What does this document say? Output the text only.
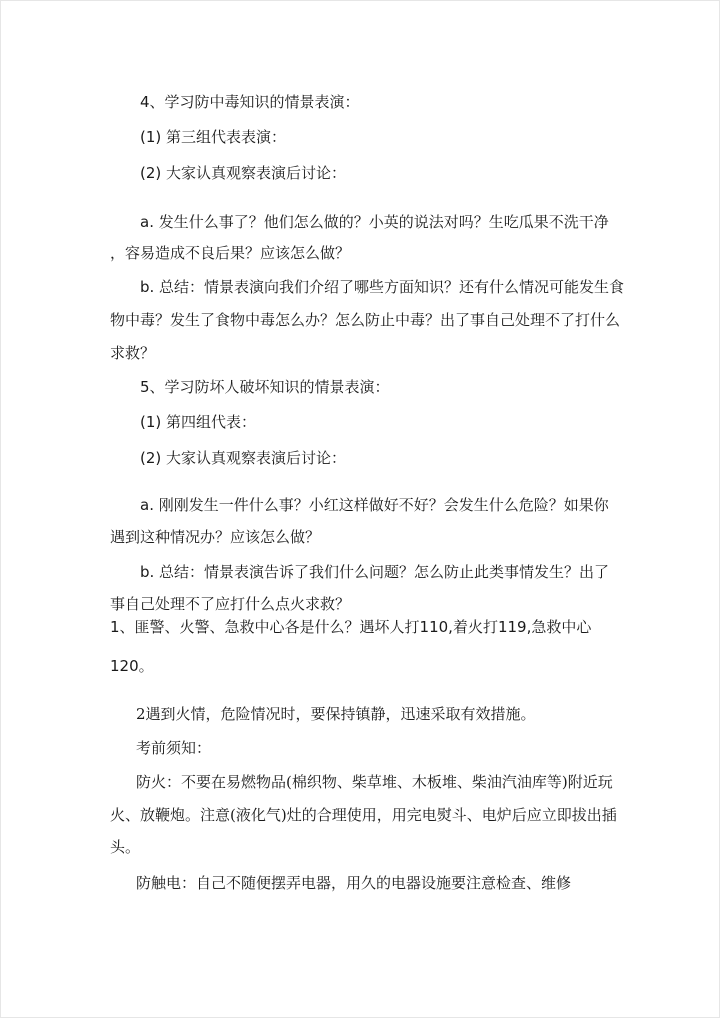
4、学习防中毒知识的情景表演：
(1) 第三组代表表演：
(2) 大家认真观察表演后讨论：
a. 发生什么事了？他们怎么做的？小英的说法对吗？生吃瓜果不洗干净
，容易造成不良后果？应该怎么做？
b. 总结：情景表演向我们介绍了哪些方面知识？还有什么情况可能发生食
物中毒？发生了食物中毒怎么办？怎么防止中毒？出了事自己处理不了打什么
求救？
5、学习防坏人破坏知识的情景表演：
(1) 第四组代表：
(2) 大家认真观察表演后讨论：
a. 刚刚发生一件什么事？小红这样做好不好？会发生什么危险？如果你
遇到这种情况办？应该怎么做？
b. 总结：情景表演告诉了我们什么问题？怎么防止此类事情发生？出了
事自己处理不了应打什么点火求救？
1、匪警、火警、急救中心各是什么？遇坏人打110,着火打119,急救中心
120。
2遇到火情，危险情况时，要保持镇静，迅速采取有效措施。
考前须知：
防火：不要在易燃物品(棉织物、柴草堆、木板堆、柴油汽油库等)附近玩
火、放鞭炮。注意(液化气)灶的合理使用，用完电熨斗、电炉后应立即拔出插
头。
防触电：自己不随便摆弄电器，用久的电器设施要注意检查、维修
